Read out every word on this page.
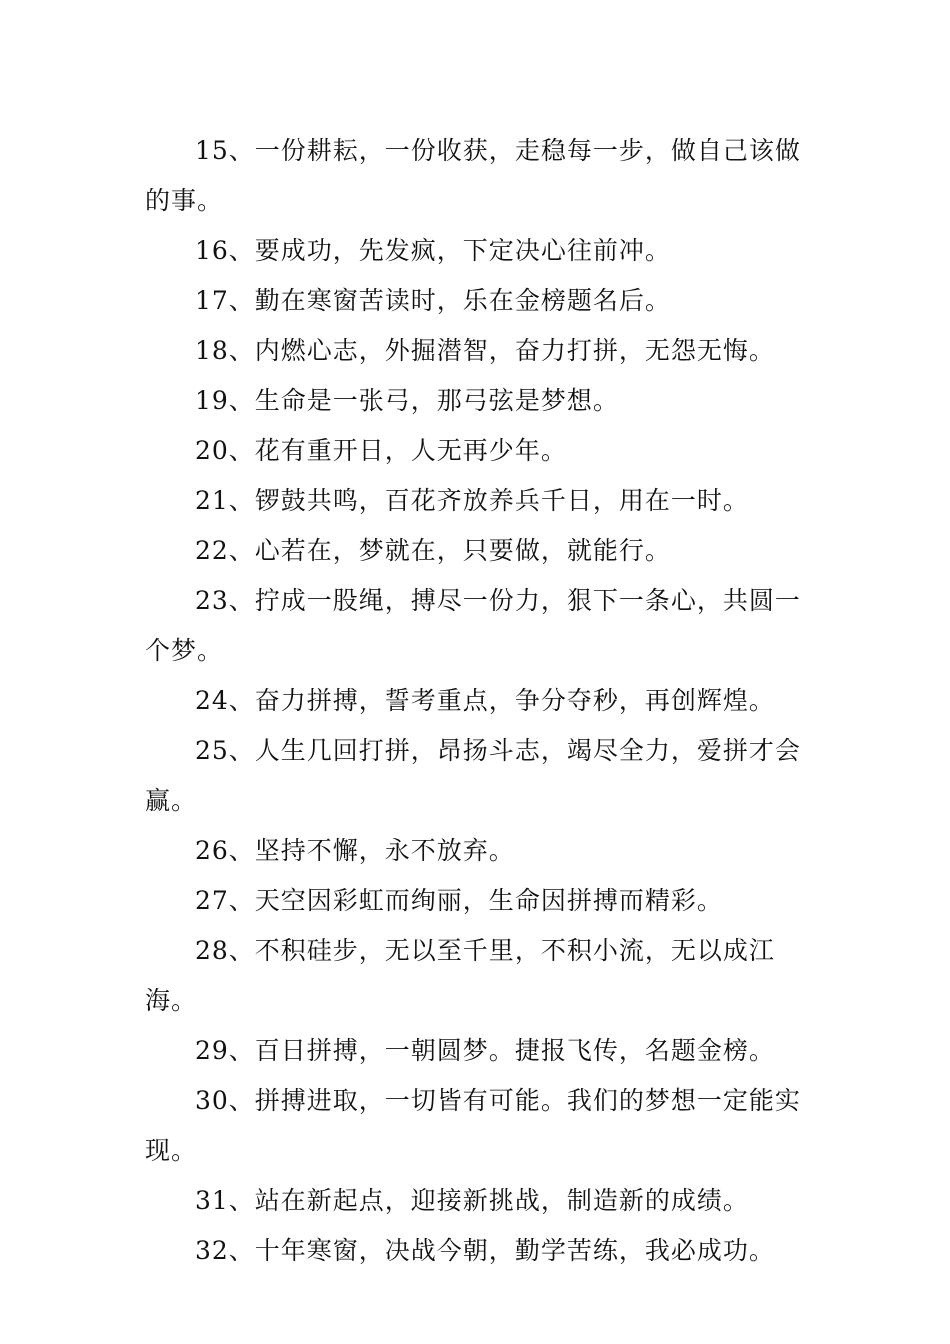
15、一份耕耘，一份收获，走稳每一步，做自己该做的事。

16、要成功，先发疯，下定决心往前冲。

17、勤在寒窗苦读时，乐在金榜题名后。

18、内燃心志，外掘潜智，奋力打拼，无怨无悔。

19、生命是一张弓，那弓弦是梦想。

20、花有重开日，人无再少年。

21、锣鼓共鸣，百花齐放养兵千日，用在一时。

22、心若在，梦就在，只要做，就能行。

23、拧成一股绳，搏尽一份力，狠下一条心，共圆一个梦。

24、奋力拼搏，誓考重点，争分夺秒，再创辉煌。

25、人生几回打拼，昂扬斗志，竭尽全力，爱拼才会赢。

26、坚持不懈，永不放弃。

27、天空因彩虹而绚丽，生命因拼搏而精彩。

28、不积硅步，无以至千里，不积小流，无以成江海。

29、百日拼搏，一朝圆梦。捷报飞传，名题金榜。

30、拼搏进取，一切皆有可能。我们的梦想一定能实现。

31、站在新起点，迎接新挑战，制造新的成绩。

32、十年寒窗，决战今朝，勤学苦练，我必成功。
